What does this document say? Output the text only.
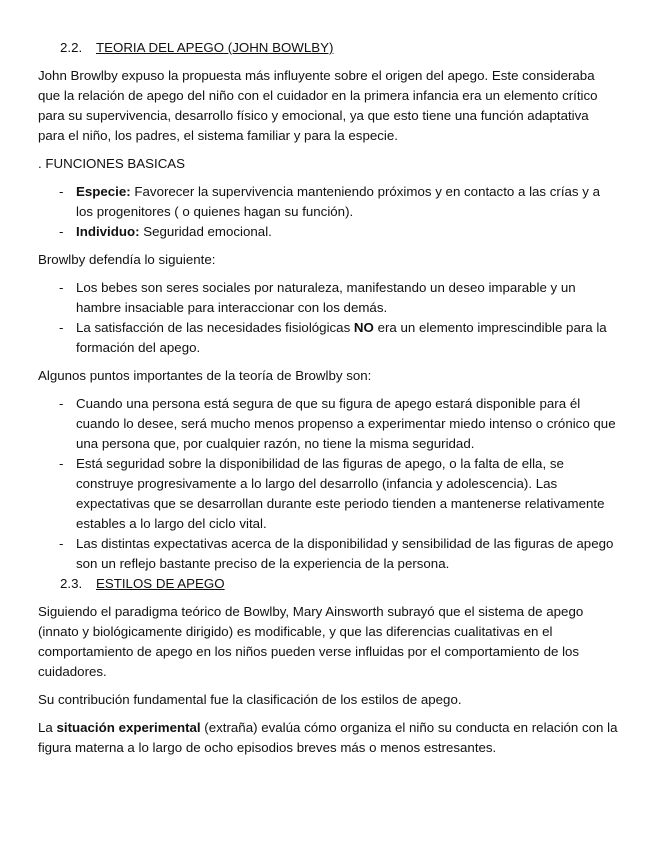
2.2. TEORIA DEL APEGO (JOHN BOWLBY)

John Browlby expuso la propuesta más influyente sobre el origen del apego. Este consideraba que la relación de apego del niño con el cuidador en la primera infancia era un elemento crítico para su supervivencia, desarrollo físico y emocional, ya que esto tiene una función adaptativa para el niño, los padres, el sistema familiar y para la especie.

. FUNCIONES BASICAS

- Especie: Favorecer la supervivencia manteniendo próximos y en contacto a las crías y a los progenitores ( o quienes hagan su función).
- Individuo: Seguridad emocional.

Browlby defendía lo siguiente:

- Los bebes son seres sociales por naturaleza, manifestando un deseo imparable y un hambre insaciable para interaccionar con los demás.
- La satisfacción de las necesidades fisiológicas NO era un elemento imprescindible para la formación del apego.

Algunos puntos importantes de la teoría de Browlby son:

- Cuando una persona está segura de que su figura de apego estará disponible para él cuando lo desee, será mucho menos propenso a experimentar miedo intenso o crónico que una persona que, por cualquier razón, no tiene la misma seguridad.
- Está seguridad sobre la disponibilidad de las figuras de apego, o la falta de ella, se construye progresivamente a lo largo del desarrollo (infancia y adolescencia). Las expectativas que se desarrollan durante este periodo tienden a mantenerse relativamente estables a lo largo del ciclo vital.
- Las distintas expectativas acerca de la disponibilidad y sensibilidad de las figuras de apego son un reflejo bastante preciso de la experiencia de la persona.
2.3. ESTILOS DE APEGO

Siguiendo el paradigma teórico de Bowlby, Mary Ainsworth subrayó que el sistema de apego (innato y biológicamente dirigido) es modificable, y que las diferencias cualitativas en el comportamiento de apego en los niños pueden verse influidas por el comportamiento de los cuidadores.

Su contribución fundamental fue la clasificación de los estilos de apego.

La situación experimental (extraña) evalúa cómo organiza el niño su conducta en relación con la figura materna a lo largo de ocho episodios breves más o menos estresantes.
